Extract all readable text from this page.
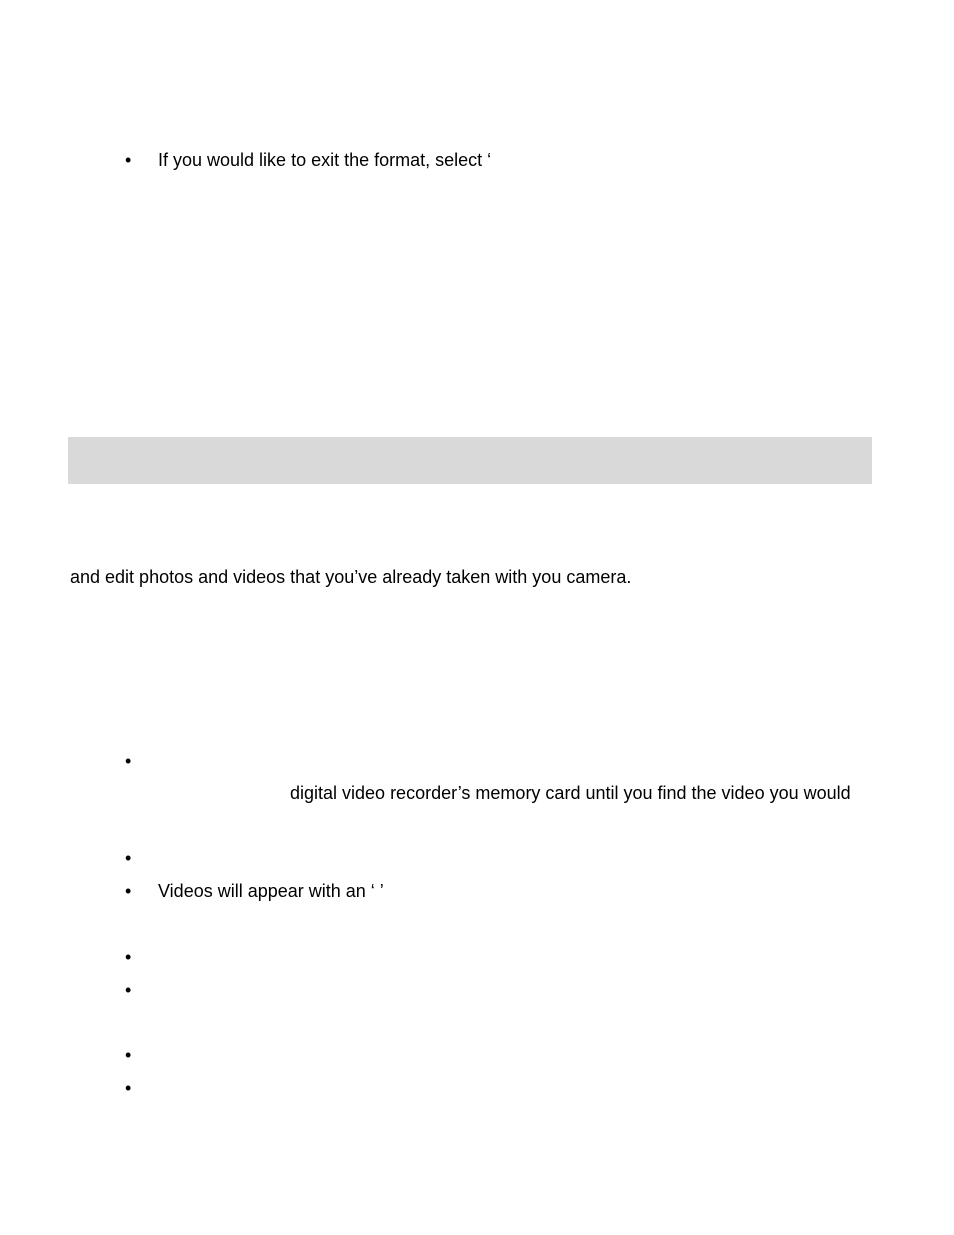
• If you would like to exit the format, select ‘
and edit photos and videos that you’ve already taken with you camera.
•
digital video recorder’s memory card until you find the video you would
•
• Videos will appear with an ‘ ’
•
•
•
•
